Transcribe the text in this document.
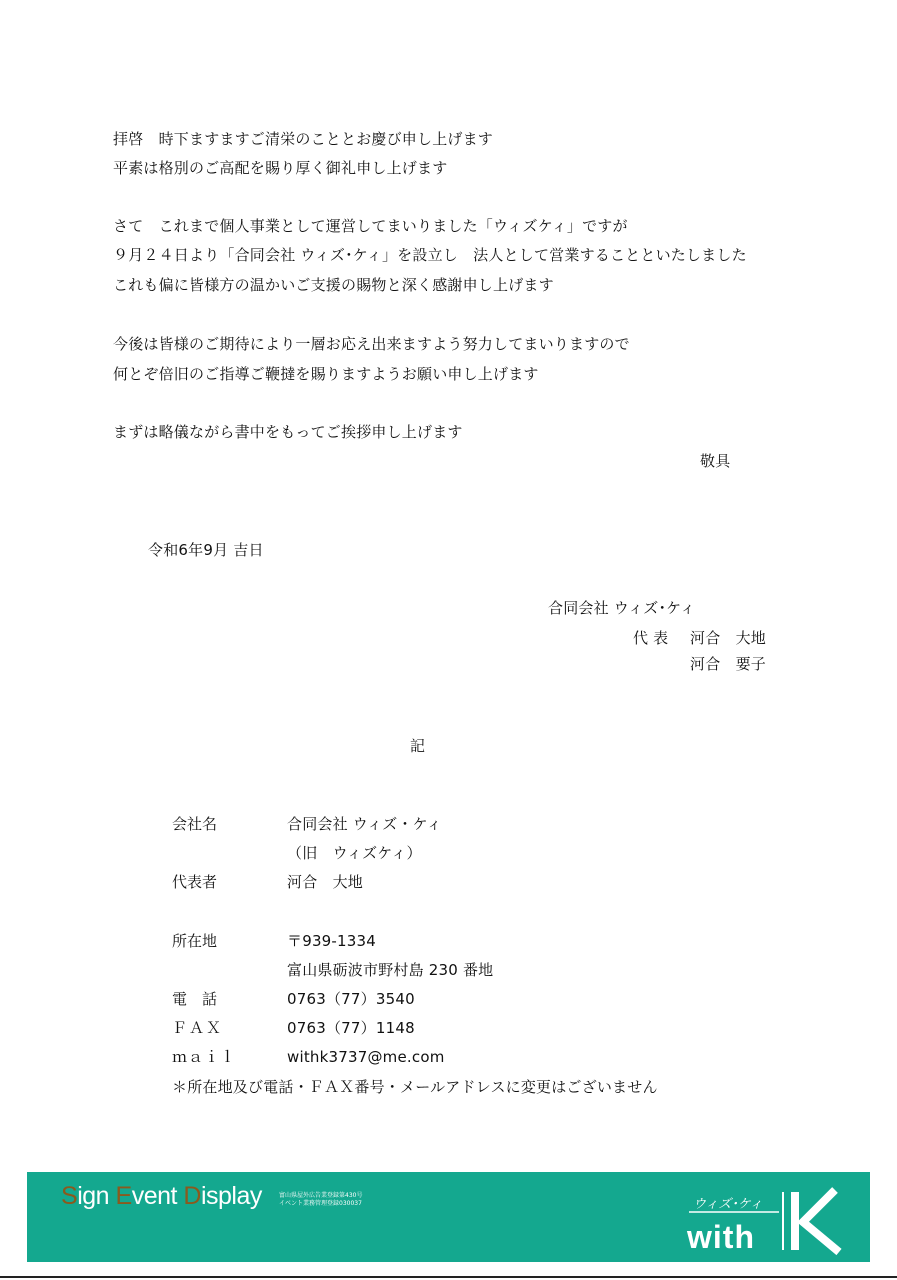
拝啓　時下ますますご清栄のこととお慶び申し上げます
平素は格別のご高配を賜り厚く御礼申し上げます
さて　これまで個人事業として運営してまいりました「ウィズケィ」ですが
９月２４日より「合同会社 ウィズ･ケィ」を設立し　法人として営業することといたしました
これも偏に皆様方の温かいご支援の賜物と深く感謝申し上げます
今後は皆様のご期待により一層お応え出来ますよう努力してまいりますので
何とぞ倍旧のご指導ご鞭撻を賜りますようお願い申し上げます
まずは略儀ながら書中をもってご挨拶申し上げます
敬具
令和6年9月 吉日
合同会社 ウィズ･ケィ
代 表 河合　大地
河合　要子
記
会社名	合同会社 ウィズ・ケィ
（旧　ウィズケィ）
代表者	河合　大地
所在地	〒939-1334
富山県砺波市野村島 230 番地
電　話	0763（77）3540
ＦＡＸ	0763（77）1148
ｍａｉｌ	withk3737@me.com
＊所在地及び電話・ＦＡＸ番号・メールアドレスに変更はございません
Sign Event Display	富山県屋外広告業登録第430号
イベント業務管理登録030037	ウィズ･ケィ
with
K
